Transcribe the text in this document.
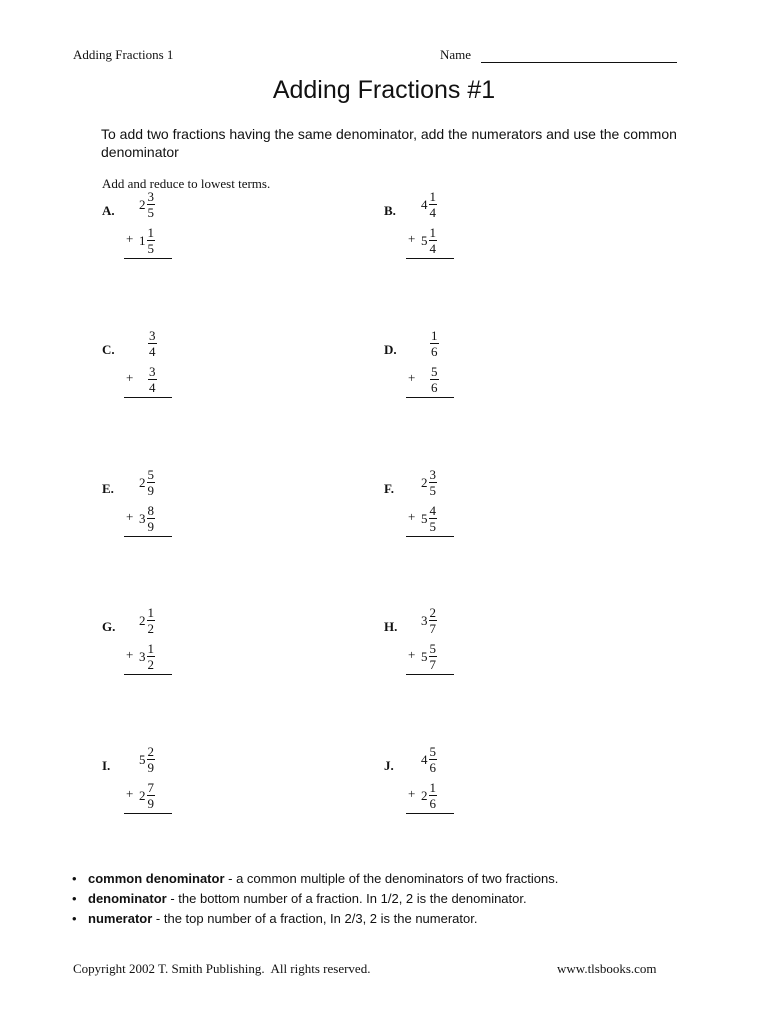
Adding Fractions 1	Name
Adding Fractions #1
To add two fractions having the same denominator, add the numerators and use the common denominator
Add and reduce to lowest terms.
A. $2 \frac{3}{5}$
+ $1 \frac{1}{5}$
B. $4 \frac{1}{4}$
+ $5 \frac{1}{4}$
C.	$\frac{3}{4}$
+ $\frac{3}{4}$
D.	$\frac{1}{6}$
+ $\frac{5}{6}$
E. $2 \frac{5}{9}$
+ $3 \frac{8}{9}$
F. $2 \frac{3}{5}$
+ $5 \frac{4}{5}$
G. $2 \frac{1}{2}$
+ $3 \frac{1}{2}$
H. $3 \frac{2}{7}$
+ $5 \frac{5}{7}$
I. $5 \frac{2}{9}$
+ $2 \frac{7}{9}$
J. $4 \frac{5}{6}$
+ $2 \frac{1}{6}$
• common denominator - a common multiple of the denominators of two fractions.
• denominator - the bottom number of a fraction. In 1/2, 2 is the denominator.
• numerator - the top number of a fraction, In 2/3, 2 is the numerator.
Copyright 2002 T. Smith Publishing.  All rights reserved.	www.tlsbooks.com
